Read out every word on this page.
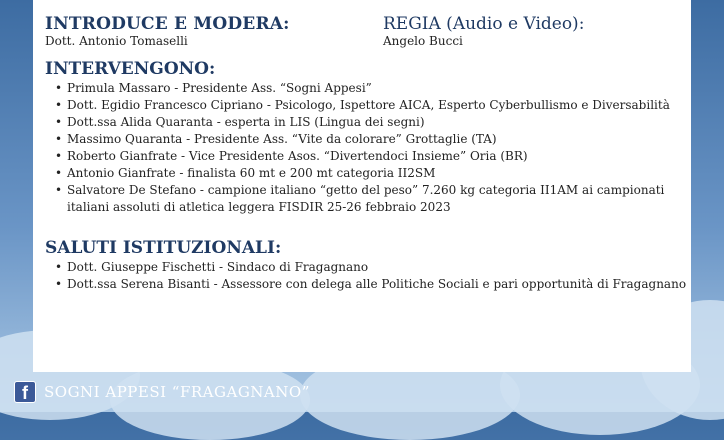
INTRODUCE E MODERA:
Dott. Antonio Tomaselli
REGIA (Audio e Video):
Angelo Bucci
INTERVENGONO:
• Primula Massaro - Presidente Ass. “Sogni Appesi”
• Dott. Egidio Francesco Cipriano - Psicologo, Ispettore AICA, Esperto Cyberbullismo e Diversabilità
• Dott.ssa Alida Quaranta - esperta in LIS (Lingua dei segni)
• Massimo Quaranta - Presidente Ass. “Vite da colorare” Grottaglie (TA)
• Roberto Gianfrate - Vice Presidente Asos. “Divertendoci Insieme” Oria (BR)
• Antonio Gianfrate - finalista 60 mt e 200 mt categoria II2SM
• Salvatore De Stefano - campione italiano “getto del peso” 7.260 kg categoria II1AM ai campionati italiani assoluti di atletica leggera FISDIR 25-26 febbraio 2023
SALUTI ISTITUZIONALI:
• Dott. Giuseppe Fischetti - Sindaco di Fragagnano
• Dott.ssa Serena Bisanti - Assessore con delega alle Politiche Sociali e pari opportunità di Fragagnano
f	SOGNI APPESI “FRAGAGNANO”
